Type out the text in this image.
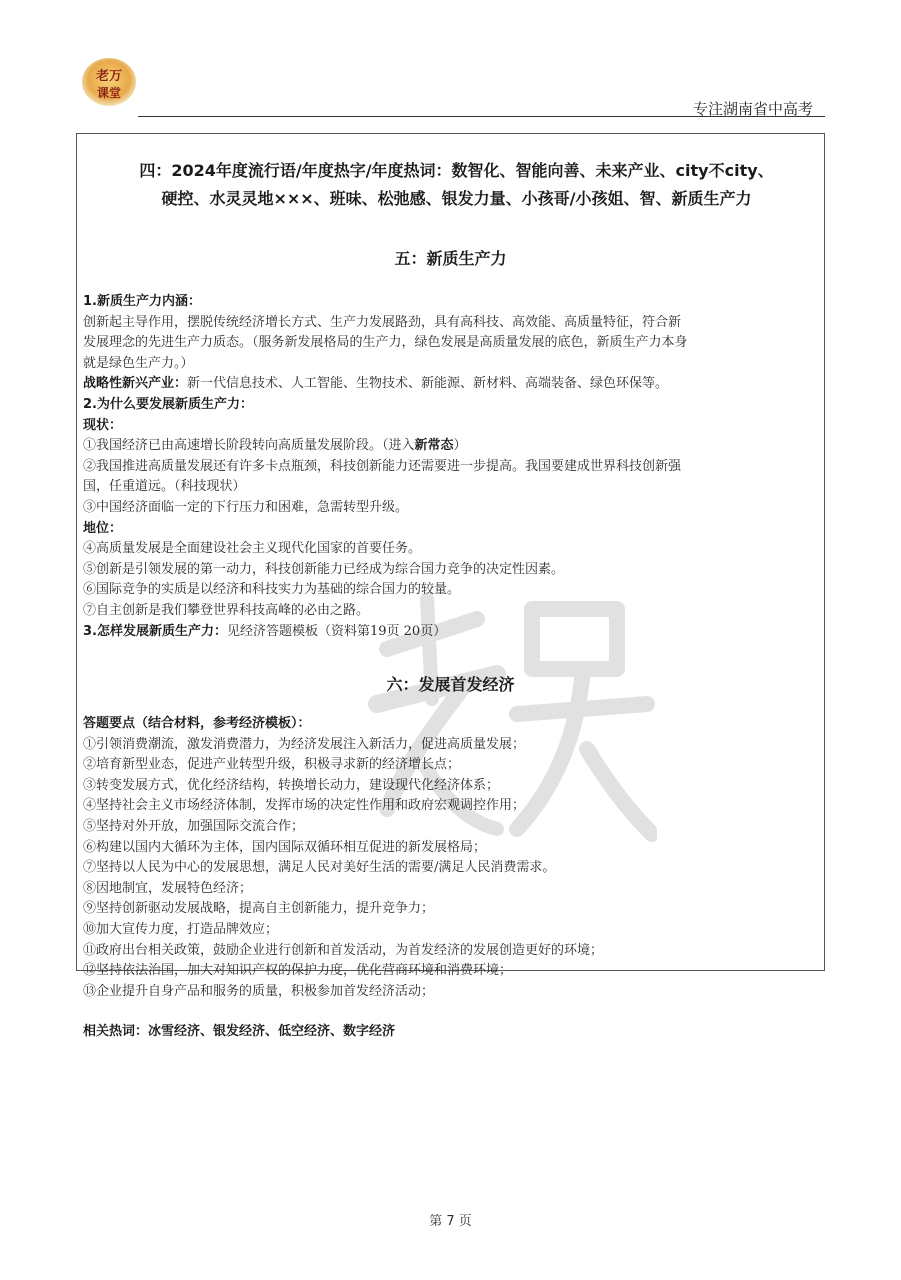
老万
课堂
专注湖南省中高考
四：2024年度流行语/年度热字/年度热词：数智化、智能向善、未来产业、city不city、
硬控、水灵灵地×××、班味、松弛感、银发力量、小孩哥/小孩姐、智、新质生产力
五：新质生产力

1.新质生产力内涵：

创新起主导作用，摆脱传统经济增长方式、生产力发展路劲，具有高科技、高效能、高质量特征，符合新

发展理念的先进生产力质态。（服务新发展格局的生产力，绿色发展是高质量发展的底色，新质生产力本身

就是绿色生产力。）

战略性新兴产业：新一代信息技术、人工智能、生物技术、新能源、新材料、高端装备、绿色环保等。

2.为什么要发展新质生产力：

现状：

①我国经济已由高速增长阶段转向高质量发展阶段。（进入新常态）

②我国推进高质量发展还有许多卡点瓶颈，科技创新能力还需要进一步提高。我国要建成世界科技创新强

国，任重道远。（科技现状）

③中国经济面临一定的下行压力和困难，急需转型升级。

地位：

④高质量发展是全面建设社会主义现代化国家的首要任务。

⑤创新是引领发展的第一动力，科技创新能力已经成为综合国力竞争的决定性因素。

⑥国际竞争的实质是以经济和科技实力为基础的综合国力的较量。

⑦自主创新是我们攀登世界科技高峰的必由之路。

3.怎样发展新质生产力：见经济答题模板（资料第19页 20页）

六：发展首发经济

答题要点（结合材料，参考经济模板）：

①引领消费潮流，激发消费潜力，为经济发展注入新活力，促进高质量发展；

②培育新型业态，促进产业转型升级，积极寻求新的经济增长点；

③转变发展方式，优化经济结构，转换增长动力，建设现代化经济体系；

④坚持社会主义市场经济体制，发挥市场的决定性作用和政府宏观调控作用；

⑤坚持对外开放，加强国际交流合作；

⑥构建以国内大循环为主体，国内国际双循环相互促进的新发展格局；

⑦坚持以人民为中心的发展思想，满足人民对美好生活的需要/满足人民消费需求。

⑧因地制宜，发展特色经济；

⑨坚持创新驱动发展战略，提高自主创新能力，提升竞争力；

⑩加大宣传力度，打造品牌效应；

⑪政府出台相关政策，鼓励企业进行创新和首发活动，为首发经济的发展创造更好的环境；

⑫坚持依法治国，加大对知识产权的保护力度，优化营商环境和消费环境；

⑬企业提升自身产品和服务的质量，积极参加首发经济活动；

相关热词：冰雪经济、银发经济、低空经济、数字经济

第 7 页
